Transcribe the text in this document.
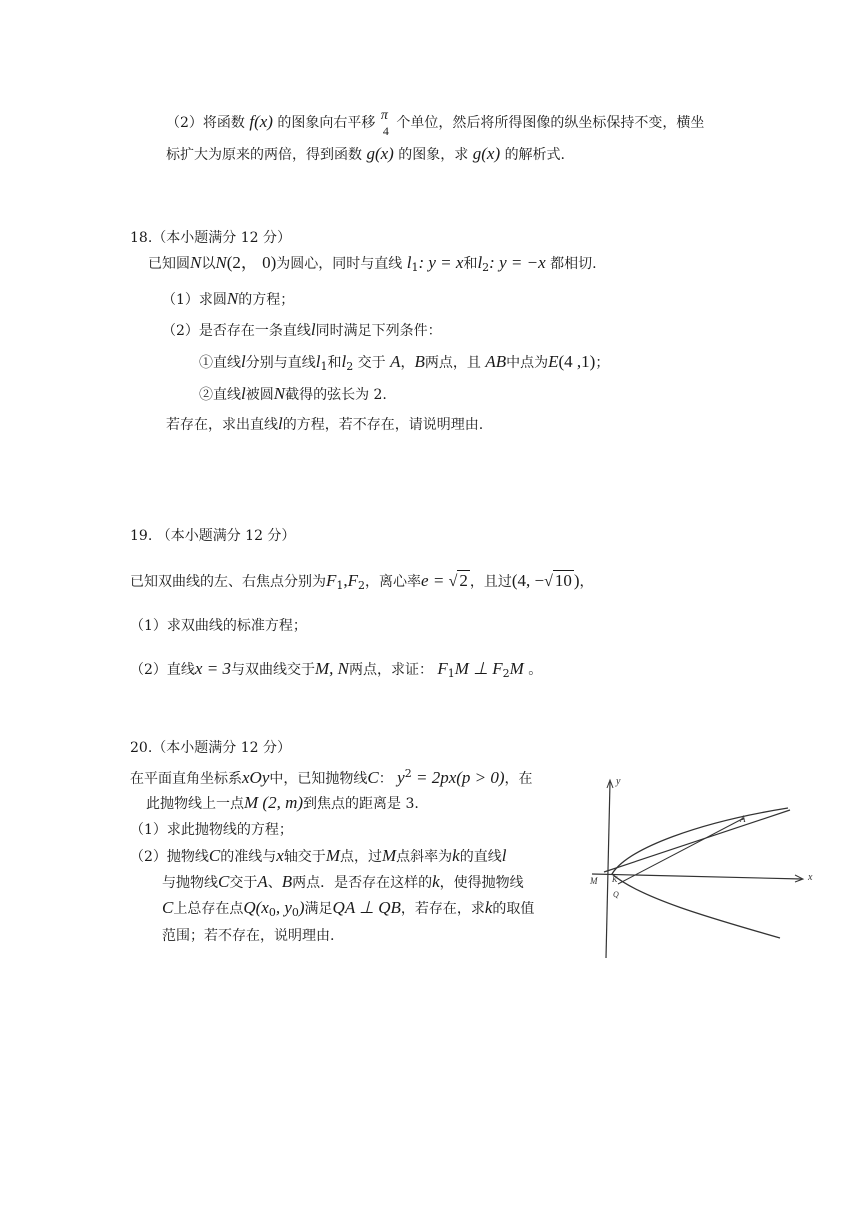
（2）将函数 f(x) 的图象向右平移 π
4 个单位，然后将所得图像的纵坐标保持不变，横坐
标扩大为原来的两倍，得到函数 g(x) 的图象，求 g(x) 的解析式.
18.（本小题满分 12 分）
已知圆N以N(2， 0)为圆心，同时与直线 $l_1$: y = x和$l_2$: y = −x 都相切.
（1）求圆N的方程；
（2）是否存在一条直线l同时满足下列条件：
①直线l分别与直线$l_1$和$l_2$ 交于 A，B两点，且 AB中点为E(4 ,1)；
②直线l被圆N截得的弦长为 2.
若存在，求出直线l的方程，若不存在，请说明理由.
19. （本小题满分 12 分）
已知双曲线的左、右焦点分别为$F_1,F_2$，离心率e = √ 2 ，且过(4, −√ 10 )，
（1）求双曲线的标准方程；
（2）直线x = 3与双曲线交于M, N两点，求证： $F_1M$ ⊥ $F_2M$ 。
20.（本小题满分 12 分）
在平面直角坐标系xOy中，已知抛物线C： $y^2 = 2px(p > 0)$，在
此抛物线上一点M (2, m)到焦点的距离是 3.
（1）求此抛物线的方程；
（2）抛物线C的准线与x轴交于M点，过M点斜率为k的直线l
与抛物线C交于A、B两点．是否存在这样的k，使得抛物线
C上总存在点$Q(x_0$, $y_0$)满足QA ⊥ QB，若存在，求k的取值
范围；若不存在，说明理由.
y
x
A
M K
Q
